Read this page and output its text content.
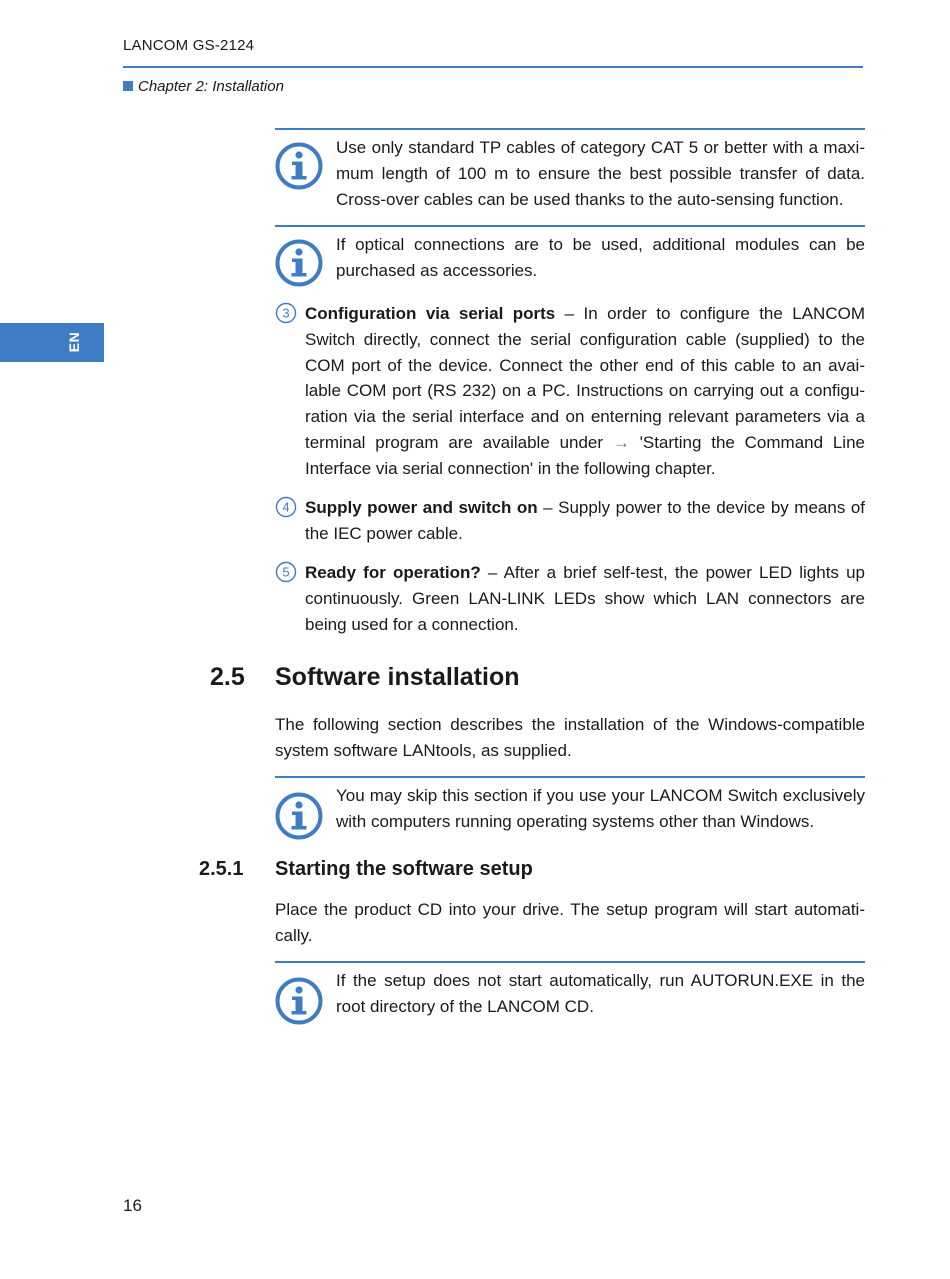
LANCOM GS-2124
Chapter 2: Installation
EN
Use only standard TP cables of category CAT 5 or better with a maxi-mum length of 100 m to ensure the best possible transfer of data. Cross-over cables can be used thanks to the auto-sensing function.
If optical connections are to be used, additional modules can be purchased as accessories.
3 Configuration via serial ports – In order to configure the LANCOM Switch directly, connect the serial configuration cable (supplied) to the COM port of the device. Connect the other end of this cable to an avai-lable COM port (RS 232) on a PC. Instructions on carrying out a configu-ration via the serial interface and on enterning relevant parameters via a terminal program are available under → 'Starting the Command Line Interface via serial connection' in the following chapter.
4 Supply power and switch on – Supply power to the device by means of the IEC power cable.
5 Ready for operation? – After a brief self-test, the power LED lights up continuously. Green LAN-LINK LEDs show which LAN connectors are being used for a connection.
2.5 Software installation
The following section describes the installation of the Windows-compatible system software LANtools, as supplied.
You may skip this section if you use your LANCOM Switch exclusively with computers running operating systems other than Windows.
2.5.1 Starting the software setup
Place the product CD into your drive. The setup program will start automati-cally.
If the setup does not start automatically, run AUTORUN.EXE in the root directory of the LANCOM CD.
16
